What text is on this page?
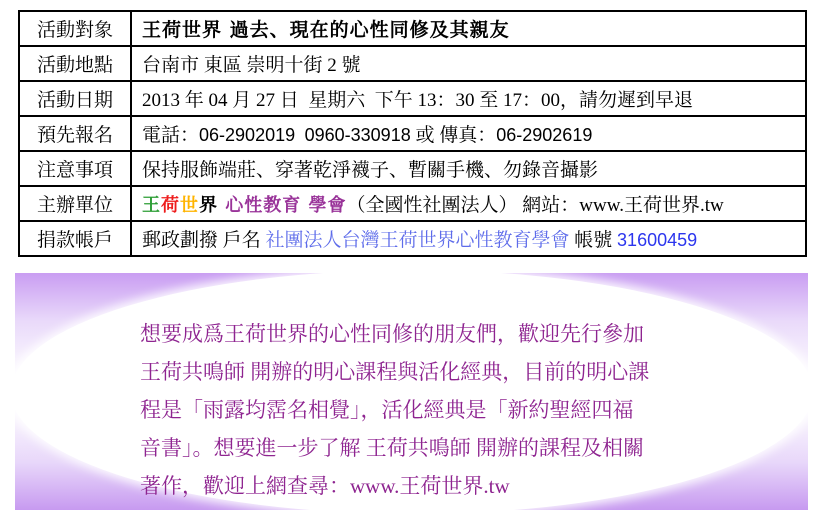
活動對象	王荷世界 過去、現在的心性同修及其親友
活動地點	台南市 東區 崇明十街 2 號
活動日期	2013 年 04 月 27 日  星期六  下午 13：30 至 17：00，請勿遲到早退
預先報名	電話：06-2902019 0960-330918 或 傳真：06-2902619
注意事項	保持服飾端莊、穿著乾淨襪子、暫關手機、勿錄音攝影
主辦單位	王荷世界 心性教育 學會（全國性社團法人） 網站：www.王荷世界.tw
捐款帳戶	郵政劃撥 戶名 社團法人台灣王荷世界心性教育學會 帳號 31600459
想要成爲王荷世界的心性同修的朋友們，歡迎先行參加
王荷共鳴師 開辦的明心課程與活化經典，目前的明心課
程是「雨露均霑名相覺」，活化經典是「新約聖經四福
音書」。想要進一步了解 王荷共鳴師 開辦的課程及相關
著作，歡迎上網查尋：www.王荷世界.tw
